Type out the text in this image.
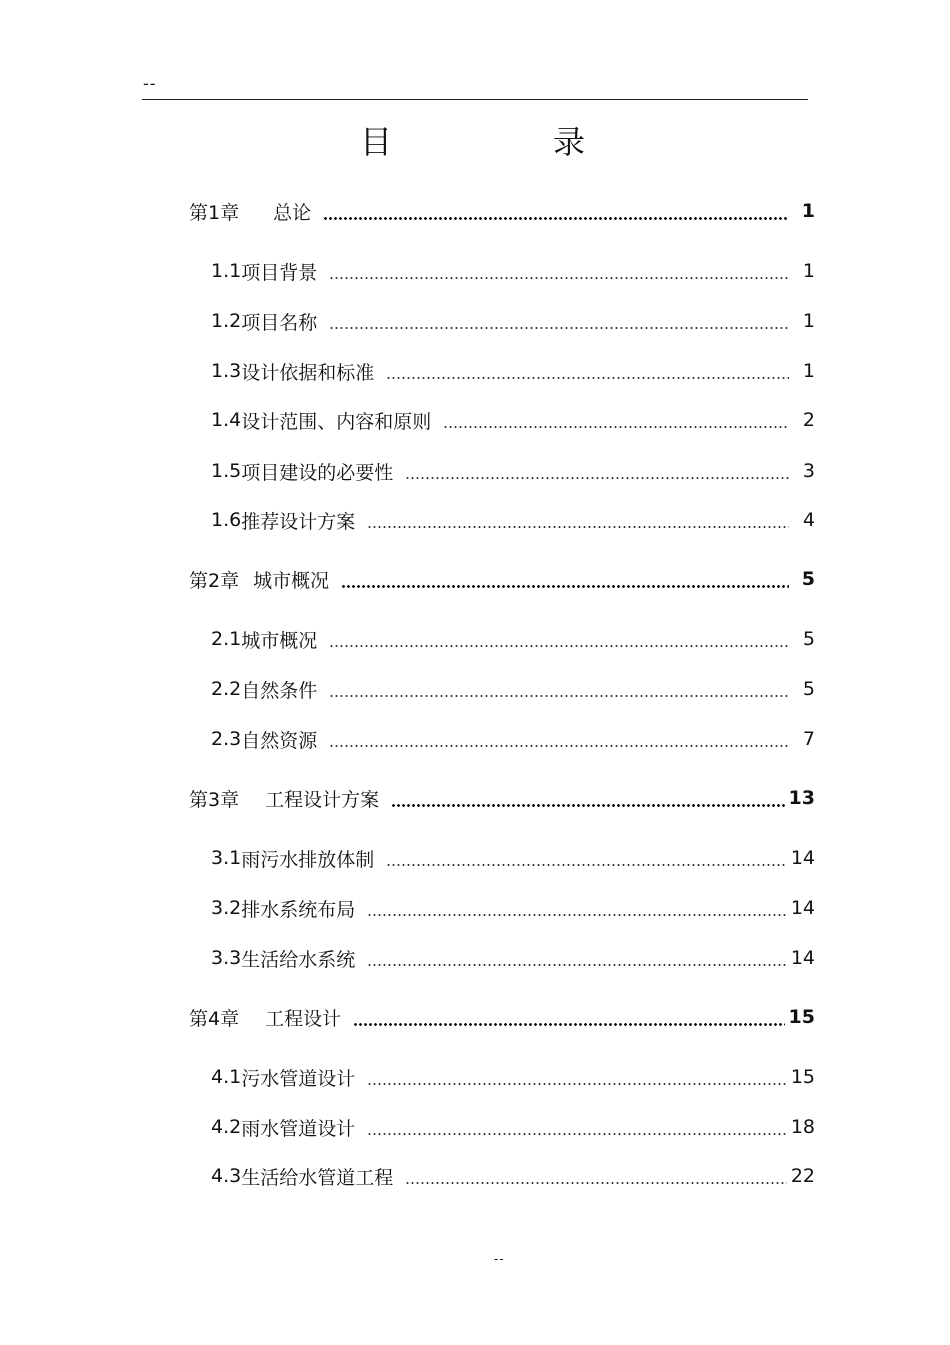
--
目	录
第1章 总论	1
1.1 项目背景	1
1.2 项目名称	1
1.3 设计依据和标准	1
1.4 设计范围、内容和原则	2
1.5 项目建设的必要性	3
1.6 推荐设计方案	4
第2章 城市概况	5
2.1 城市概况	5
2.2 自然条件	5
2.3 自然资源	7
第3章 工程设计方案	13
3.1 雨污水排放体制	14
3.2 排水系统布局	14
3.3 生活给水系统	14
第4章 工程设计	15
4.1 污水管道设计	15
4.2 雨水管道设计	18
4.3 生活给水管道工程	22
--
